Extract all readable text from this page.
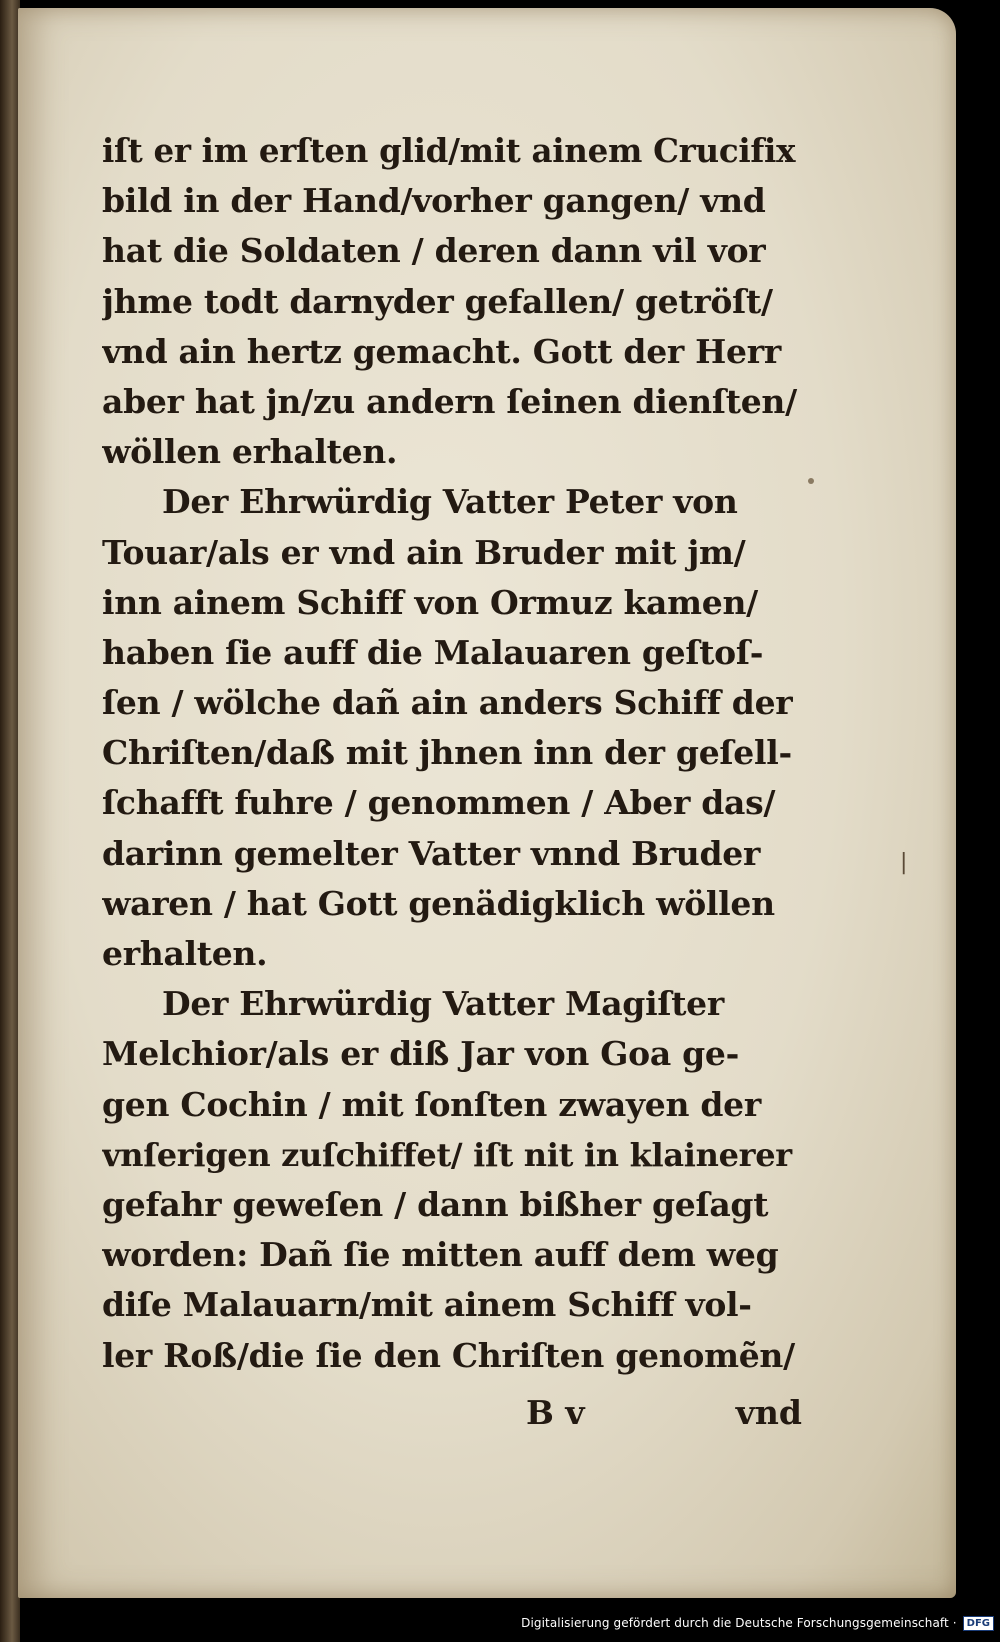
iſt er im erſten glid/mit ainem Crucifix
bild in der Hand/vorher gangen/ vnd
hat die Soldaten / deren dann vil vor
jhme todt darnyder gefallen/ getröſt/
vnd ain hertz gemacht. Gott der Herr
aber hat jn/zu andern ſeinen dienſten/
wöllen erhalten.
Der Ehrwürdig Vatter Peter von
Touar/als er vnd ain Bruder mit jm/
inn ainem Schiff von Ormuz kamen/
haben ſie auff die Malauaren geſtoſ-
ſen / wölche dañ ain anders Schiff der
Chriſten/daß mit jhnen inn der geſell-
ſchafft fuhre / genommen / Aber das/
darinn gemelter Vatter vnnd Bruder
waren / hat Gott genädigklich wöllen
erhalten.
Der Ehrwürdig Vatter Magiſter
Melchior/als er diß Jar von Goa ge-
gen Cochin / mit ſonſten zwayen der
vnſerigen zuſchiffet/ iſt nit in klainerer
gefahr geweſen / dann bißher geſagt
worden: Dañ ſie mitten auff dem weg
diſe Malauarn/mit ainem Schiff vol-
ler Roß/die ſie den Chriſten genomẽn/
B v	vnd
|
Digitalisierung gefördert durch die Deutsche Forschungsgemeinschaft ·	DFG
